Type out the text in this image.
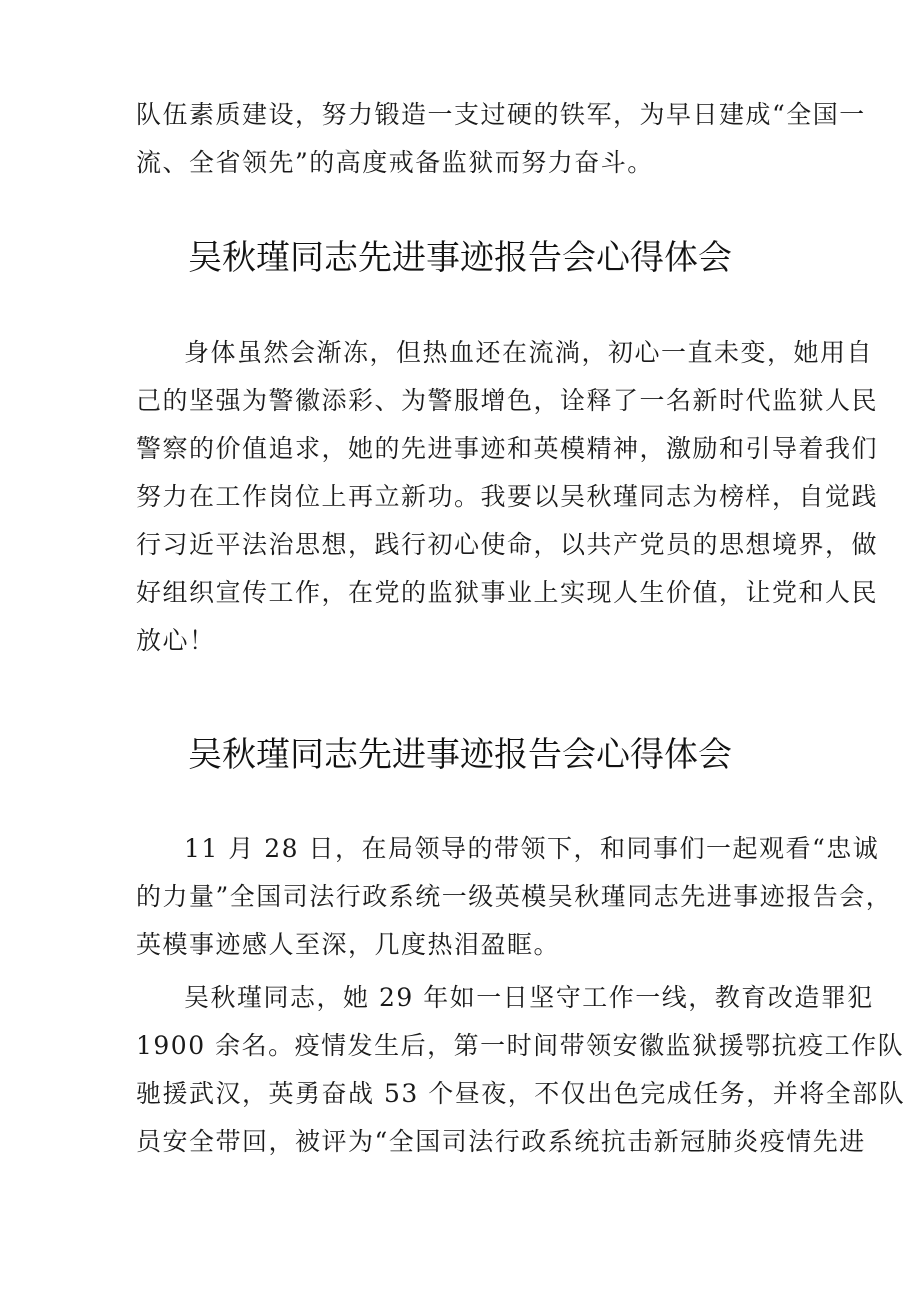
队伍素质建设，努力锻造一支过硬的铁军，为早日建成“全国一

流、全省领先”的高度戒备监狱而努力奋斗。

吴秋瑾同志先进事迹报告会心得体会

身体虽然会渐冻，但热血还在流淌，初心一直未变，她用自

己的坚强为警徽添彩、为警服增色，诠释了一名新时代监狱人民

警察的价值追求，她的先进事迹和英模精神，激励和引导着我们

努力在工作岗位上再立新功。我要以吴秋瑾同志为榜样，自觉践

行习近平法治思想，践行初心使命，以共产党员的思想境界，做

好组织宣传工作，在党的监狱事业上实现人生价值，让党和人民

放心！

吴秋瑾同志先进事迹报告会心得体会

11 月 28 日，在局领导的带领下，和同事们一起观看“忠诚

的力量”全国司法行政系统一级英模吴秋瑾同志先进事迹报告会，

英模事迹感人至深，几度热泪盈眶。

吴秋瑾同志，她 29 年如一日坚守工作一线，教育改造罪犯

1900 余名。疫情发生后，第一时间带领安徽监狱援鄂抗疫工作队

驰援武汉，英勇奋战 53 个昼夜，不仅出色完成任务，并将全部队

员安全带回，被评为“全国司法行政系统抗击新冠肺炎疫情先进
